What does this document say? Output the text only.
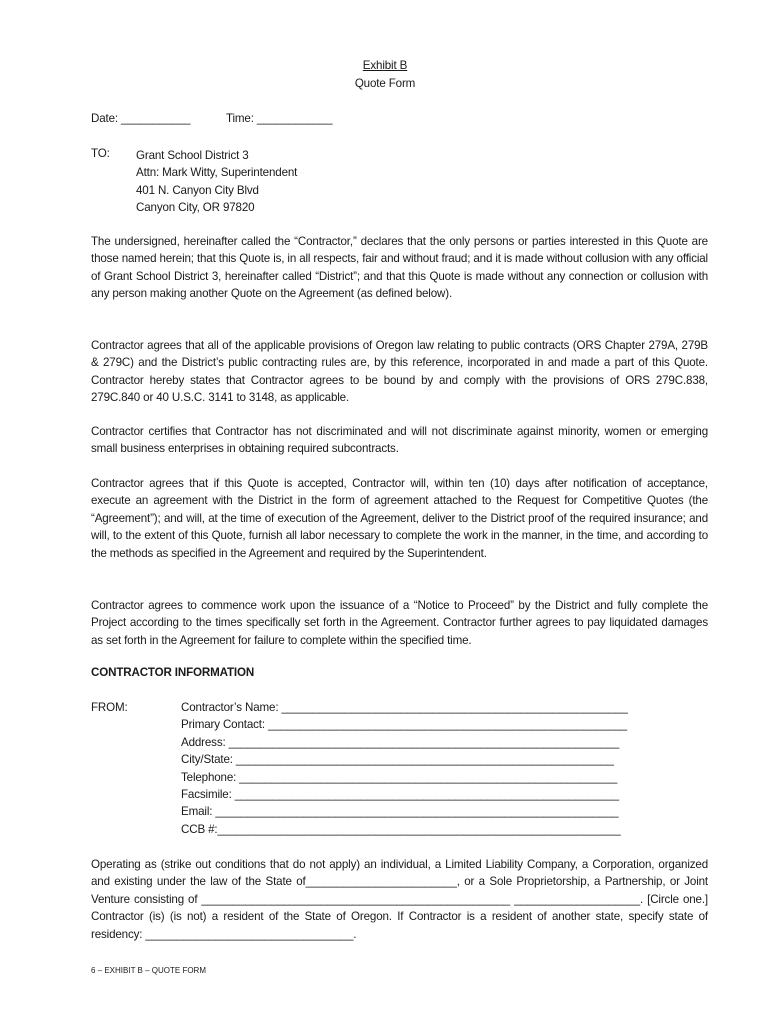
Exhibit B
Quote Form
Date: ___________	Time: ____________
TO: Grant School District 3
Attn: Mark Witty, Superintendent
401 N. Canyon City Blvd
Canyon City, OR 97820
The undersigned, hereinafter called the “Contractor,” declares that the only persons or parties interested in this Quote are those named herein; that this Quote is, in all respects, fair and without fraud; and it is made without collusion with any official of Grant School District 3, hereinafter called “District”; and that this Quote is made without any connection or collusion with any person making another Quote on the Agreement (as defined below).
Contractor agrees that all of the applicable provisions of Oregon law relating to public contracts (ORS Chapter 279A, 279B & 279C) and the District’s public contracting rules are, by this reference, incorporated in and made a part of this Quote. Contractor hereby states that Contractor agrees to be bound by and comply with the provisions of ORS 279C.838, 279C.840 or 40 U.S.C. 3141 to 3148, as applicable.
Contractor certifies that Contractor has not discriminated and will not discriminate against minority, women or emerging small business enterprises in obtaining required subcontracts.
Contractor agrees that if this Quote is accepted, Contractor will, within ten (10) days after notification of acceptance, execute an agreement with the District in the form of agreement attached to the Request for Competitive Quotes (the “Agreement”); and will, at the time of execution of the Agreement, deliver to the District proof of the required insurance; and will, to the extent of this Quote, furnish all labor necessary to complete the work in the manner, in the time, and according to the methods as specified in the Agreement and required by the Superintendent.
Contractor agrees to commence work upon the issuance of a “Notice to Proceed” by the District and fully complete the Project according to the times specifically set forth in the Agreement. Contractor further agrees to pay liquidated damages as set forth in the Agreement for failure to complete within the specified time.
CONTRACTOR INFORMATION
FROM:	Contractor’s Name: _______________________________________________________
Primary Contact: _________________________________________________________
Address: ______________________________________________________________
City/State: ____________________________________________________________
Telephone: ____________________________________________________________
Facsimile: _____________________________________________________________
Email: ________________________________________________________________
CCB #:________________________________________________________________
Operating as (strike out conditions that do not apply) an individual, a Limited Liability Company, a Corporation, organized and existing under the law of the State of________________________, or a Sole Proprietorship, a Partnership, or Joint Venture consisting of _________________________________________________ ____________________. [Circle one.] Contractor (is) (is not) a resident of the State of Oregon. If Contractor is a resident of another state, specify state of residency: _________________________________.
6 – EXHIBIT B – QUOTE FORM
